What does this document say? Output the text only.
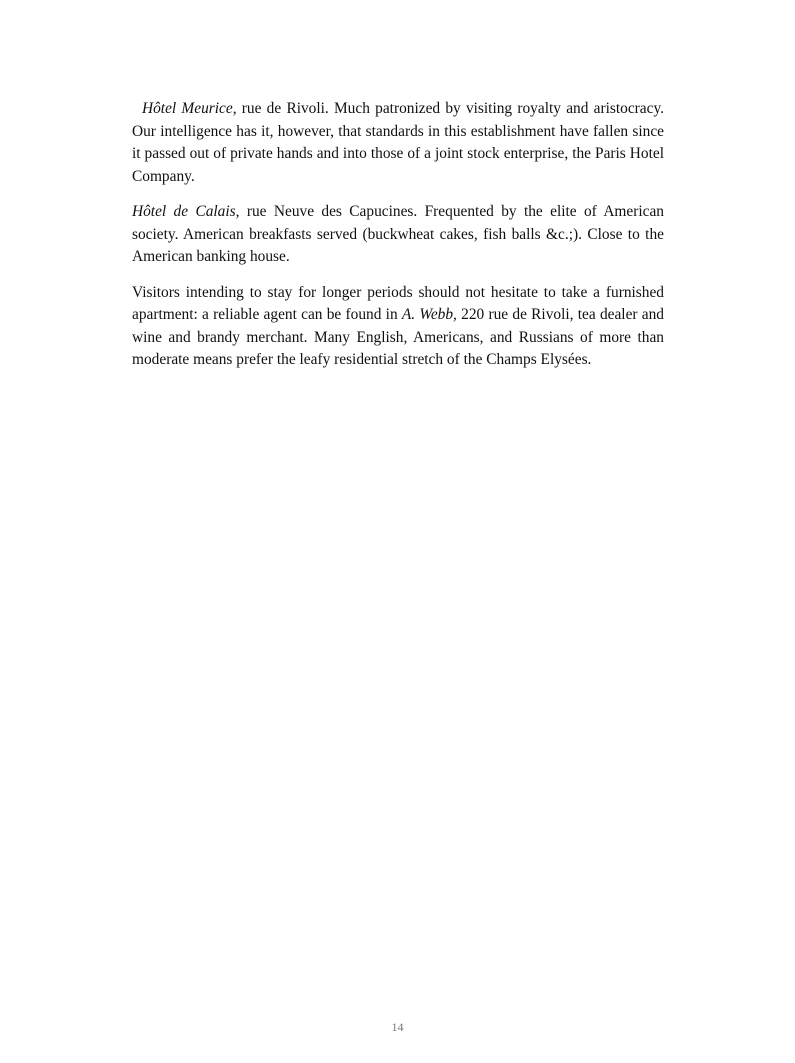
Hôtel Meurice, rue de Rivoli. Much patronized by visiting royalty and aristocracy. Our intelligence has it, however, that standards in this establishment have fallen since it passed out of private hands and into those of a joint stock enterprise, the Paris Hotel Company.

Hôtel de Calais, rue Neuve des Capucines. Frequented by the elite of American society. American breakfasts served (buckwheat cakes, fish balls &c.;). Close to the American banking house.

Visitors intending to stay for longer periods should not hesitate to take a furnished apartment: a reliable agent can be found in A. Webb, 220 rue de Rivoli, tea dealer and wine and brandy merchant. Many English, Americans, and Russians of more than moderate means prefer the leafy residential stretch of the Champs Elysées.

14
